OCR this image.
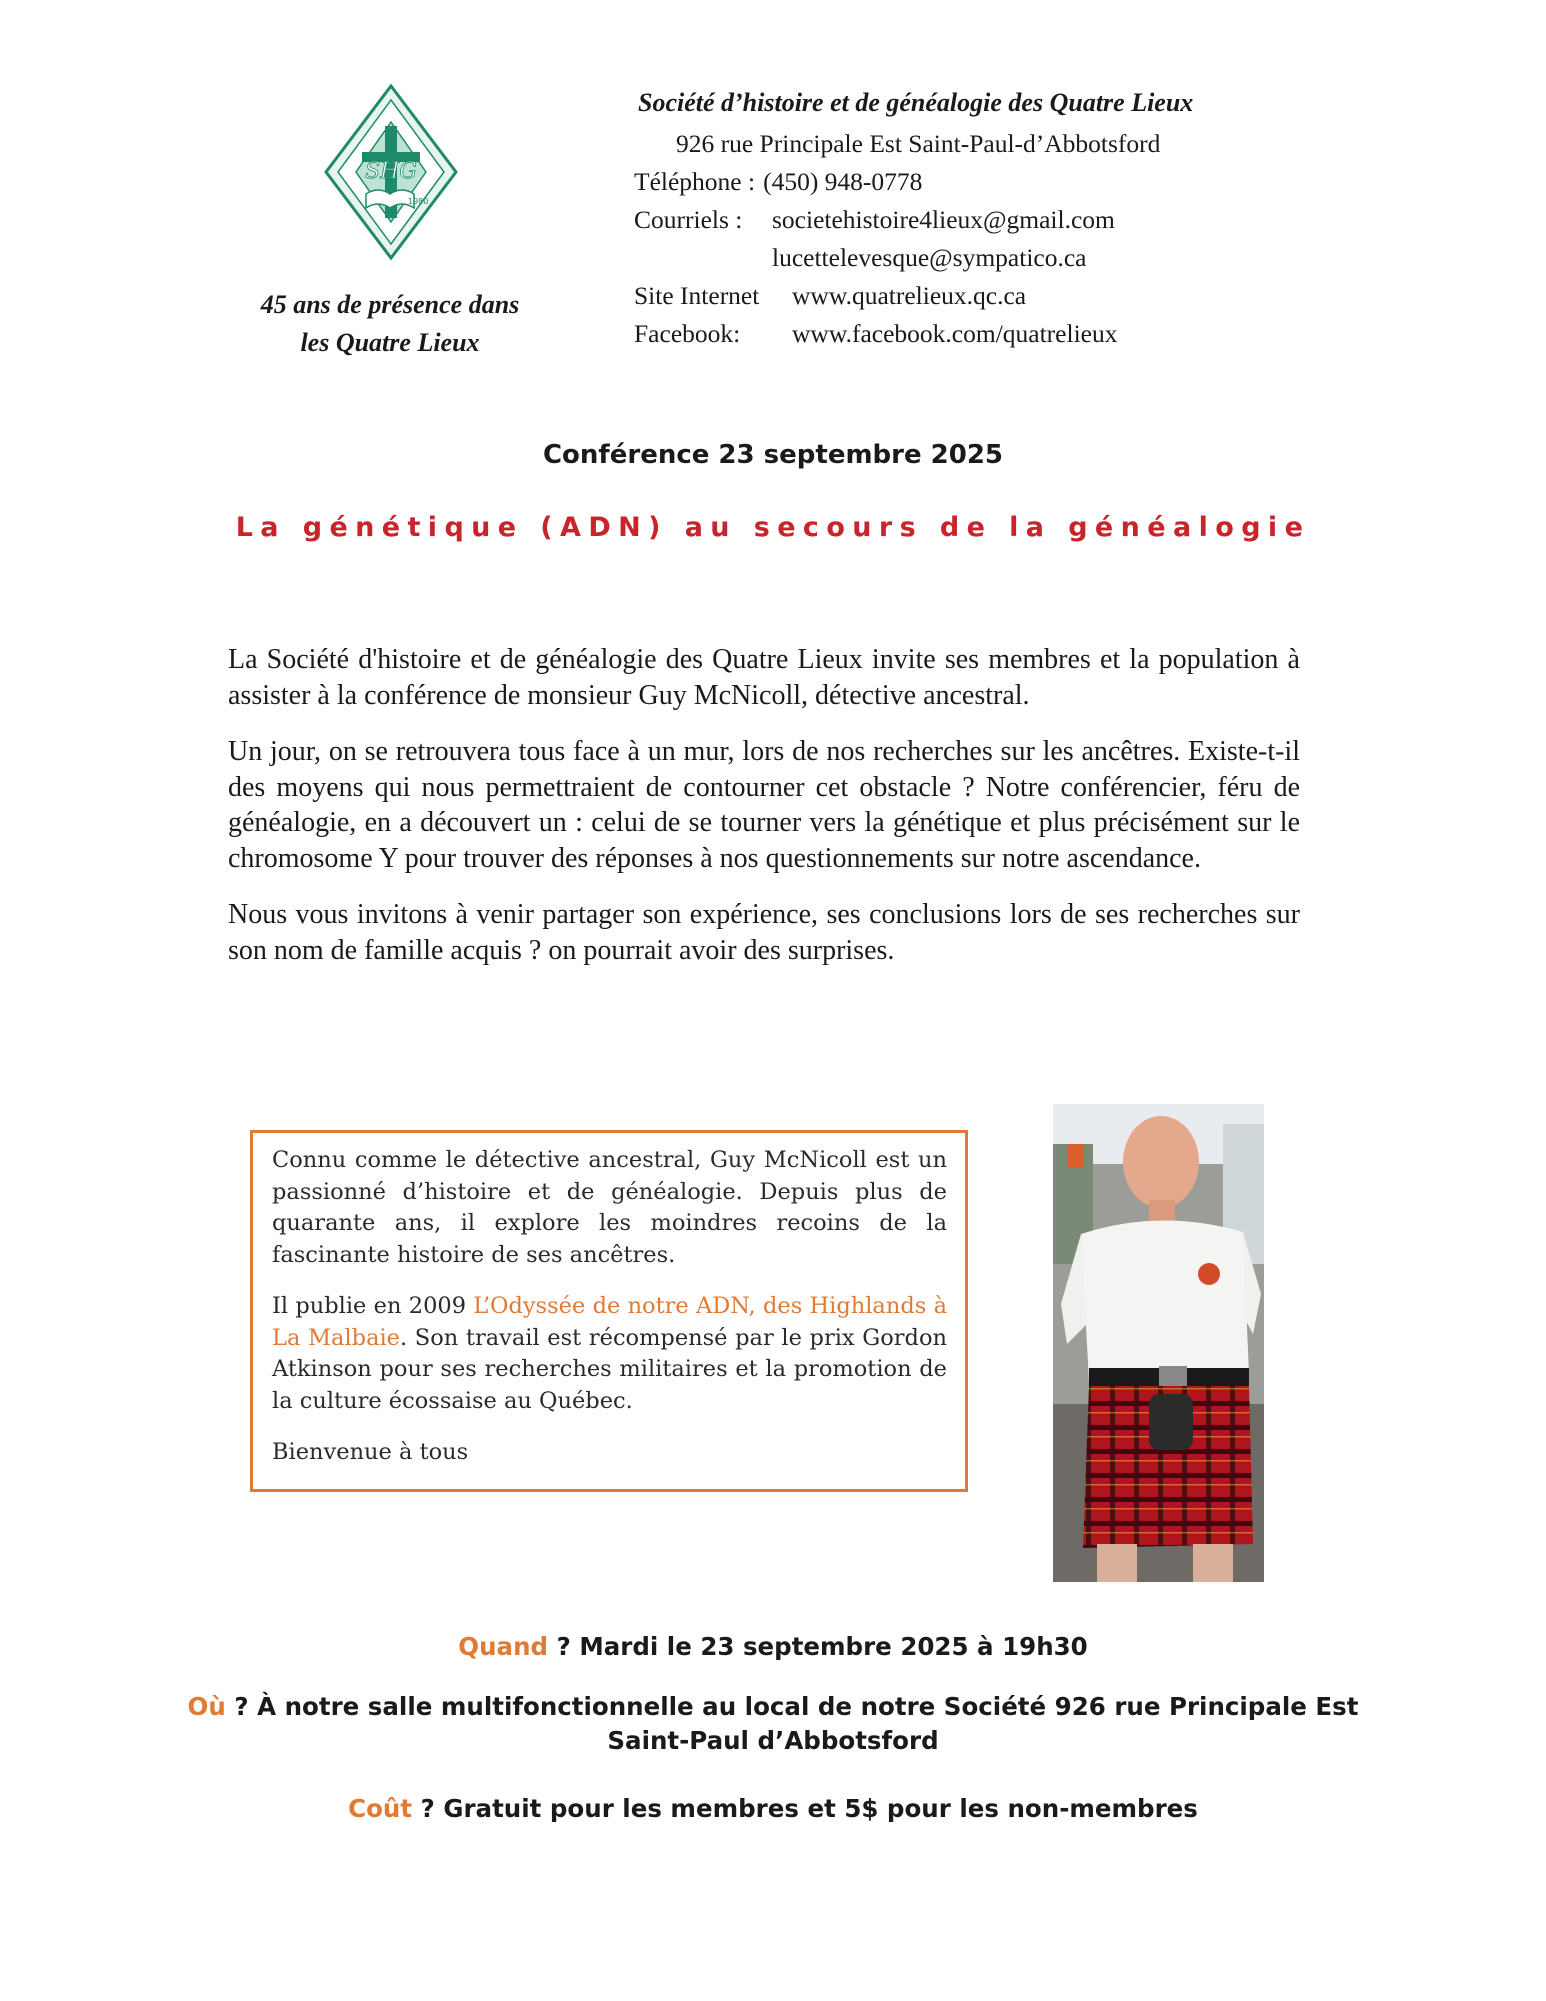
SHG
1980
45 ans de présence dans
les Quatre Lieux
Société d’histoire et de généalogie des Quatre Lieux
926 rue Principale Est Saint-Paul-d’Abbotsford
Téléphone : (450) 948-0778
Courriels :	societehistoire4lieux@gmail.com
lucettelevesque@sympatico.ca
Site Internet	www.quatrelieux.qc.ca
Facebook:	www.facebook.com/quatrelieux
Conférence 23 septembre 2025
La génétique (ADN) au secours de la généalogie

La Société d'histoire et de généalogie des Quatre Lieux invite ses membres et la population à assister à la conférence de monsieur Guy McNicoll, détective ancestral.

Un jour, on se retrouvera tous face à un mur, lors de nos recherches sur les ancêtres. Existe-t-il des moyens qui nous permettraient de contourner cet obstacle ? Notre conférencier, féru de généalogie, en a découvert un : celui de se tourner vers la génétique et plus précisément sur le chromosome Y pour trouver des réponses à nos questionnements sur notre ascendance.

Nous vous invitons à venir partager son expérience, ses conclusions lors de ses recherches sur son nom de famille acquis ? on pourrait avoir des surprises.

Connu comme le détective ancestral, Guy McNicoll est un passionné d’histoire et de généalogie. Depuis plus de quarante ans, il explore les moindres recoins de la fascinante histoire de ses ancêtres.

Il publie en 2009 L’Odyssée de notre ADN, des Highlands à La Malbaie. Son travail est récompensé par le prix Gordon Atkinson pour ses recherches militaires et la promotion de la culture écossaise au Québec.

Bienvenue à tous

Quand ? Mardi le 23 septembre 2025 à 19h30
Où ? À notre salle multifonctionnelle au local de notre Société 926 rue Principale Est
Saint-Paul d’Abbotsford
Coût ? Gratuit pour les membres et 5$ pour les non-membres
